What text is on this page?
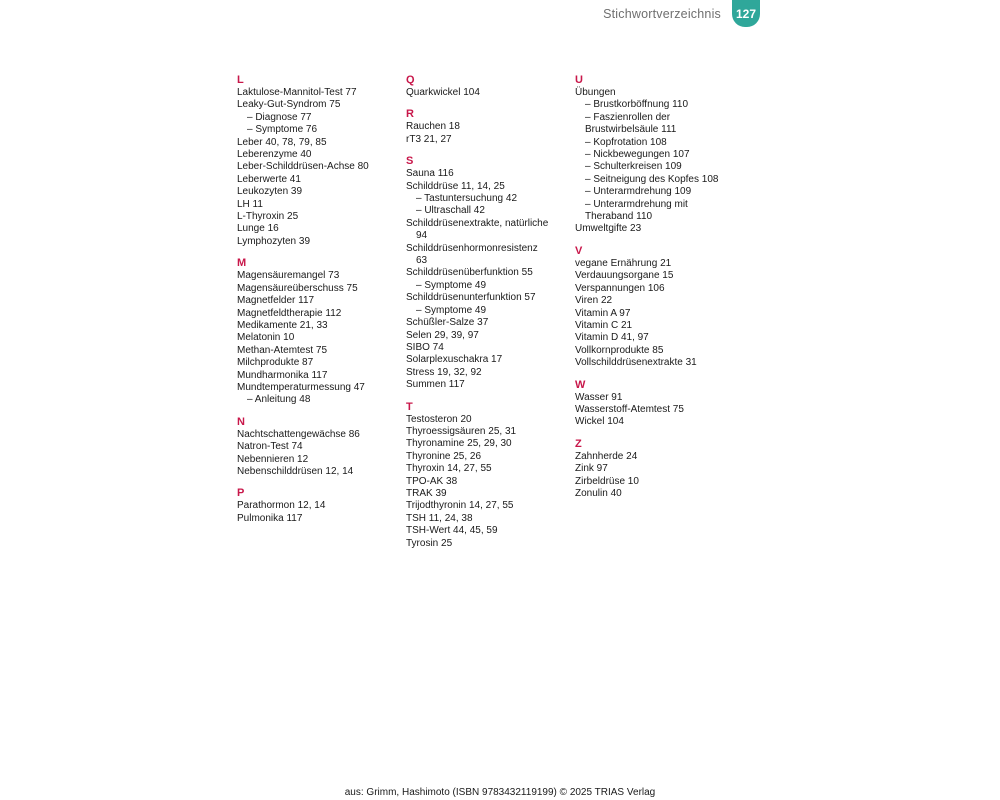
Stichwortverzeichnis	127
L
Laktulose-Mannitol-Test 77
Leaky-Gut-Syndrom 75
– Diagnose 77
– Symptome 76
Leber 40, 78, 79, 85
Leberenzyme 40
Leber-Schilddrüsen-Achse 80
Leberwerte 41
Leukozyten 39
LH 11
L-Thyroxin 25
Lunge 16
Lymphozyten 39
M
Magensäuremangel 73
Magensäureüberschuss 75
Magnetfelder 117
Magnetfeldtherapie 112
Medikamente 21, 33
Melatonin 10
Methan-Atemtest 75
Milchprodukte 87
Mundharmonika 117
Mundtemperaturmessung 47
– Anleitung 48
N
Nachtschattengewächse 86
Natron-Test 74
Nebennieren 12
Nebenschilddrüsen 12, 14
P
Parathormon 12, 14
Pulmonika 117
Q
Quarkwickel 104
R
Rauchen 18
rT3 21, 27
S
Sauna 116
Schilddrüse 11, 14, 25
– Tastuntersuchung 42
– Ultraschall 42
Schilddrüsenextrakte, natürliche
94
Schilddrüsenhormonresistenz
63
Schilddrüsenüberfunktion 55
– Symptome 49
Schilddrüsenunterfunktion 57
– Symptome 49
Schüßler-Salze 37
Selen 29, 39, 97
SIBO 74
Solarplexuschakra 17
Stress 19, 32, 92
Summen 117
T
Testosteron 20
Thyroessigsäuren 25, 31
Thyronamine 25, 29, 30
Thyronine 25, 26
Thyroxin 14, 27, 55
TPO-AK 38
TRAK 39
Trijodthyronin 14, 27, 55
TSH 11, 24, 38
TSH-Wert 44, 45, 59
Tyrosin 25
U
Übungen
– Brustkorböffnung 110
– Faszienrollen der
Brustwirbelsäule 111
– Kopfrotation 108
– Nickbewegungen 107
– Schulterkreisen 109
– Seitneigung des Kopfes 108
– Unterarmdrehung 109
– Unterarmdrehung mit
Theraband 110
Umweltgifte 23
V
vegane Ernährung 21
Verdauungsorgane 15
Verspannungen 106
Viren 22
Vitamin A 97
Vitamin C 21
Vitamin D 41, 97
Vollkornprodukte 85
Vollschilddrüsenextrakte 31
W
Wasser 91
Wasserstoff-Atemtest 75
Wickel 104
Z
Zahnherde 24
Zink 97
Zirbeldrüse 10
Zonulin 40
aus: Grimm, Hashimoto (ISBN 9783432119199) © 2025 TRIAS Verlag
